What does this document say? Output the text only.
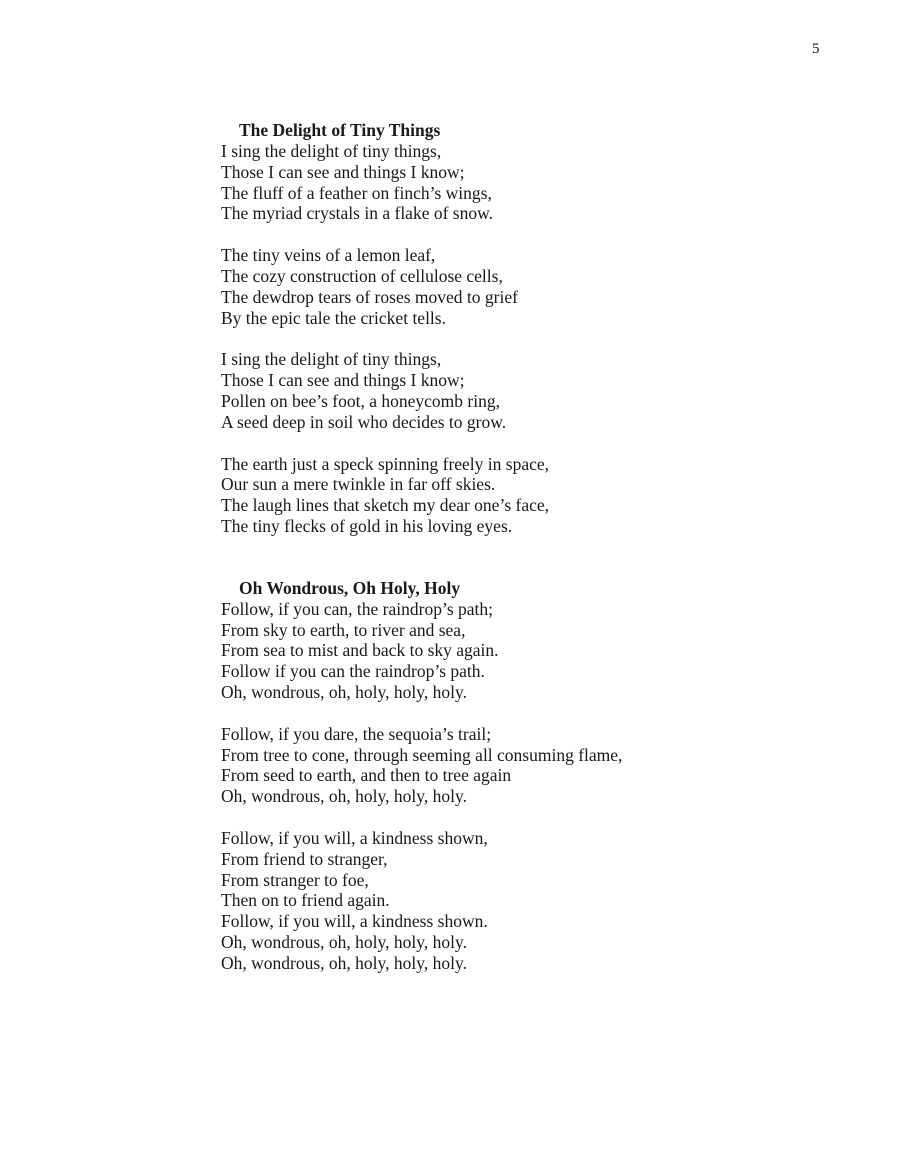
5
The Delight of Tiny Things
I sing the delight of tiny things,
Those I can see and things I know;
The fluff of a feather on finch’s wings,
The myriad crystals in a flake of snow.
The tiny veins of a lemon leaf,
The cozy construction of cellulose cells,
The dewdrop tears of roses moved to grief
By the epic tale the cricket tells.
I sing the delight of tiny things,
Those I can see and things I know;
Pollen on bee’s foot, a honeycomb ring,
A seed deep in soil who decides to grow.
The earth just a speck spinning freely in space,
Our sun a mere twinkle in far off skies.
The laugh lines that sketch my dear one’s face,
The tiny flecks of gold in his loving eyes.
Oh Wondrous, Oh Holy, Holy
Follow, if you can, the raindrop’s path;
From sky to earth, to river and sea,
From sea to mist and back to sky again.
Follow if you can the raindrop’s path.
Oh, wondrous, oh, holy, holy, holy.
Follow, if you dare, the sequoia’s trail;
From tree to cone, through seeming all consuming flame,
From seed to earth, and then to tree again
Oh, wondrous, oh, holy, holy, holy.
Follow, if you will, a kindness shown,
From friend to stranger,
From stranger to foe,
Then on to friend again.
Follow, if you will, a kindness shown.
Oh, wondrous, oh, holy, holy, holy.
Oh, wondrous, oh, holy, holy, holy.
